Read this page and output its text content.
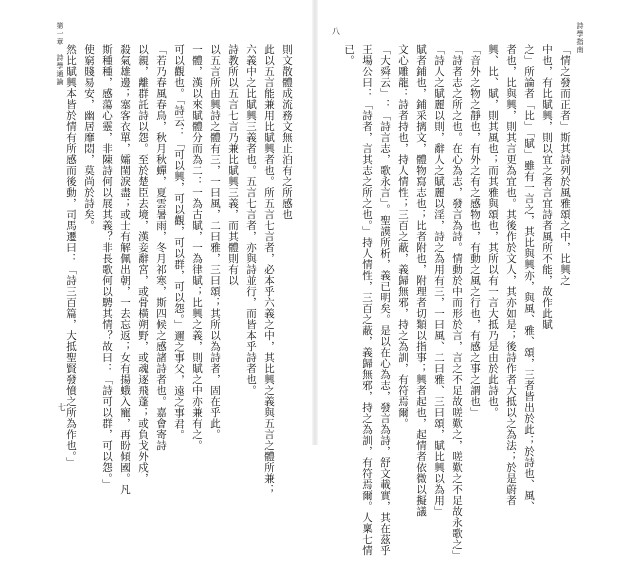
第一章　詩學通論
七
則文散體成流務文無止泊有之所感也
此以五言能兼用比賦興者也。所五言七言者，必本乎六義之中，其比興之義與五言之體所兼；
六義中之比賦興三義者也。五言七言者，亦與詩並行，而皆本乎詩者也。
詩教所以五言七言乃兼比賦興三義，而其體則有以
以五言所由興詩之體有三，一曰風，二曰雅，三曰頌；其所以為詩者，固在乎此。
一體，漢以來賦體分而為二：一為古賦，一為律賦；比興之義，則賦之中亦兼有之。
可以觀也。「詩云：「可以興，可以觀，可以群，可以怨。」邇之事父，遠之事君。
「若乃春風春鳥，秋月秋蟬，夏雲暑雨，冬月祁寒，斯四候之感諸詩者也。嘉會寄詩
以親，離群託詩以怨。至於楚臣去境，漢妾辭宮，或骨橫朔野，或魂逐飛蓬；或負戈外戍，
殺氣雄邊；塞客衣單，孀閨淚盡；或士有解佩出朝，一去忘返；女有揚蛾入寵，再盼傾國。凡
斯種種，感蕩心靈，非陳詩何以展其義？非長歌何以騁其情？故曰：「詩可以群，可以怨。」
使窮賤易安，幽居靡悶，莫尚於詩矣。
然比賦興本皆於情有所感而後動，司馬遷曰：「詩三百篇，大抵聖賢發憤之所為作也。」
八	詩學指南
「情之發而正者」斯其詩列於風雅頌之中，比興之
中也，有比賦興，則以宜之者言宜詩者風所不能，故作此賦
之」所論者「比」「賦」雖有一言之，其比與興亦，與風、雅、頌，三者皆出於此；於詩也、風、
者也，比與興，則其言更為宜也。其後作於文人，其亦如是；後詩作者大抵以之為法；於是蔚者
興、比、賦，則其風也；而其雅與頌也，其所以有一言大抵乃是由於此詩也。
「音外之物之靜也，有外之有之感物也，有動之風之行也，有感之事之謂也」
「詩者志之所之也。在心為志，發言為詩。情動於中而形於言，言之不足故嗟歎之，嗟歎之不足故永歌之」
「詩人之賦麗以則，辭人之賦麗以淫，詩之為用有三，一曰風、二曰雅、三曰頌，賦比興以為用」
賦者鋪也，鋪采摛文，體物寫志也；比者附也，附理者切類以指事；興者起也，起情者依微以擬議
文心雕龍：詩者持也，持人情性；三百之蔽，義歸無邪，持之為訓，有符焉爾。
「大舜云」：「詩言志，歌永言」。聖謨所析，義已明矣。是以在心為志，發言為詩，舒文載實，其在茲乎
王場公曰：「詩者，言其志之所之也。」持人情性，三百之蔽，義歸無邪，持之為訓，有符焉爾。人稟七情
已。
